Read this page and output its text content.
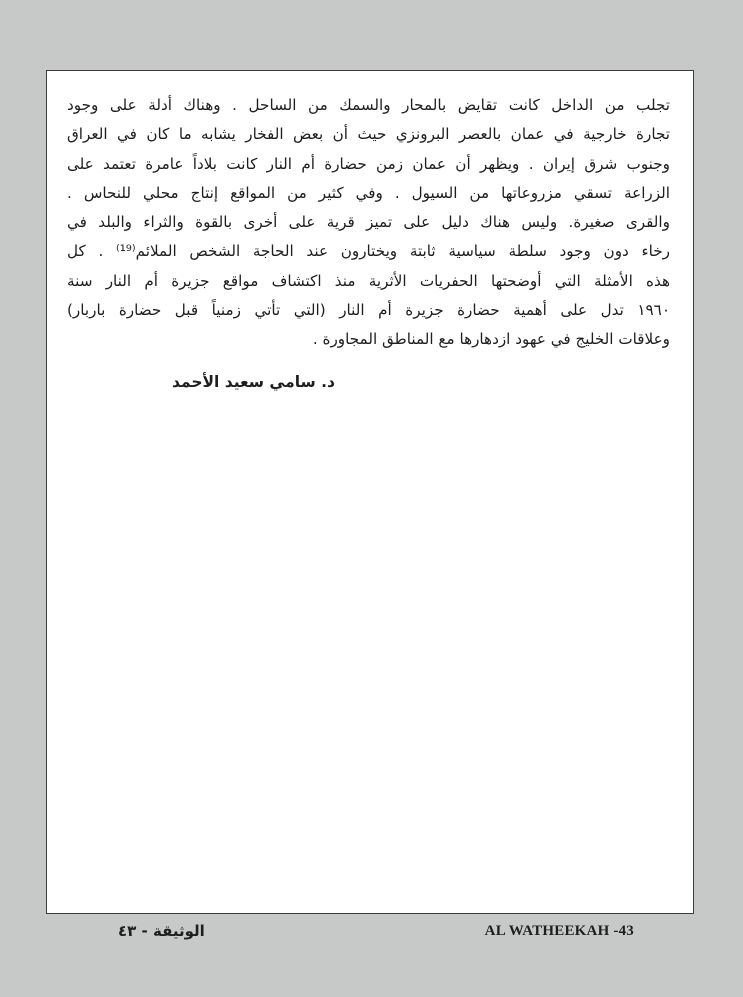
تجلب من الداخل كانت تقايض بالمحار والسمك من الساحل . وهناك أدلة على وجود
تجارة خارجية في عمان بالعصر البرونزي حيث أن بعض الفخار يشابه ما كان في العراق
وجنوب شرق إيران . ويظهر أن عمان زمن حضارة أم النار كانت بلاداً عامرة تعتمد على
الزراعة تسقي مزروعاتها من السيول . وفي كثير من المواقع إنتاج محلي للنحاس .
والقرى صغيرة. وليس هناك دليل على تميز قرية على أخرى بالقوة والثراء والبلد في
رخاء دون وجود سلطة سياسية ثابتة ويختارون عند الحاجة الشخص الملائم⁽¹⁹⁾ . كل
هذه الأمثلة التي أوضحتها الحفريات الأثرية منذ اكتشاف مواقع جزيرة أم النار سنة
١٩٦٠ تدل على أهمية حضارة جزيرة أم النار (التي تأتي زمنياً قبل حضارة باربار)
وعلاقات الخليج في عهود ازدهارها مع المناطق المجاورة .
د. سامي سعيد الأحمد
الوثيقة - ٤٣	AL WATHEEKAH -43
